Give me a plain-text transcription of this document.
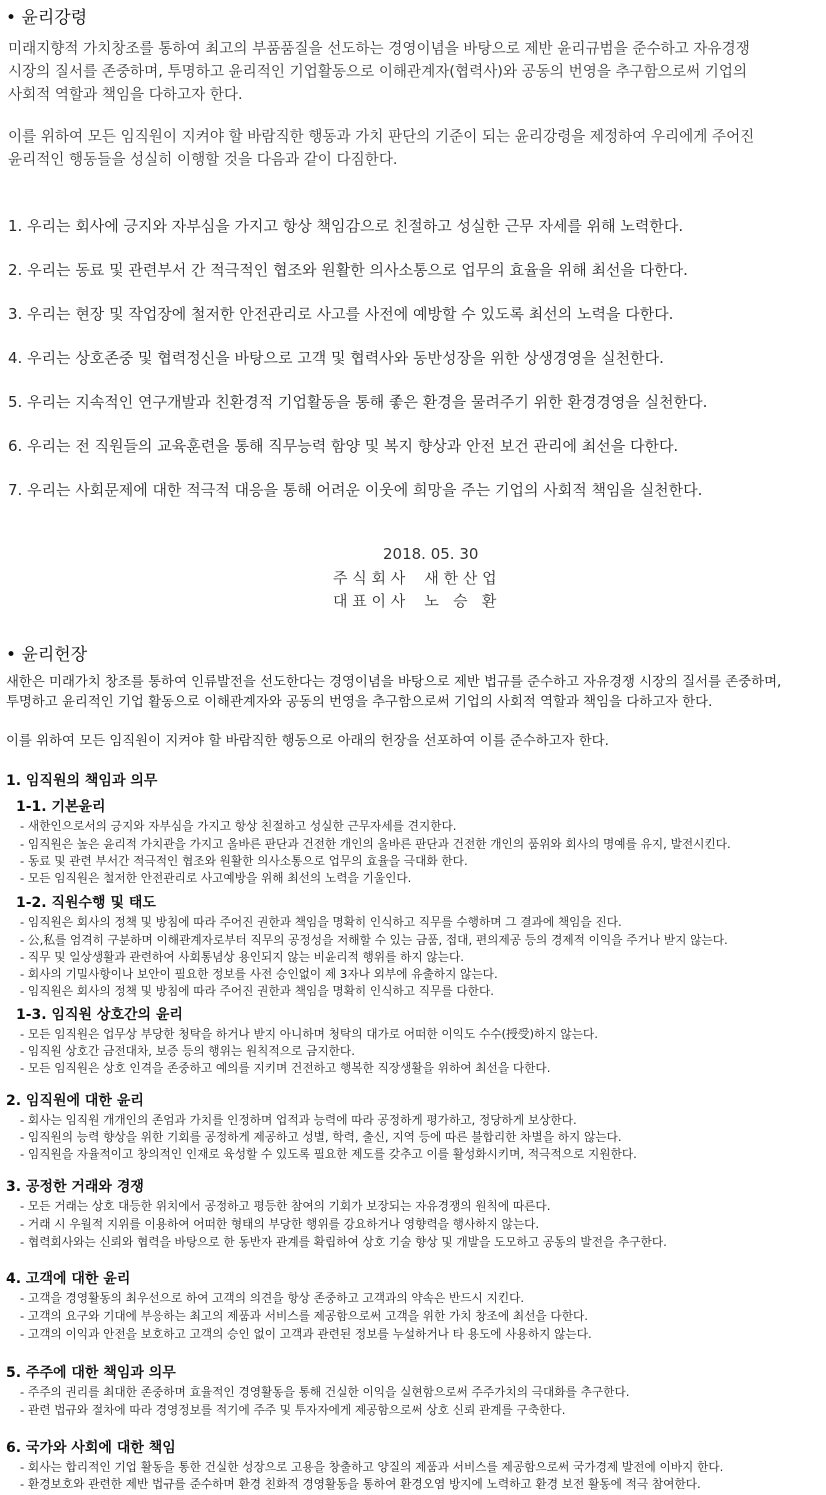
• 윤리강령
미래지향적 가치창조를 통하여 최고의 부품품질을 선도하는 경영이념을 바탕으로 제반 윤리규범을 준수하고 자유경쟁
시장의 질서를 존중하며, 투명하고 윤리적인 기업활동으로 이해관계자(협력사)와 공동의 번영을 추구함으로써 기업의
사회적 역할과 책임을 다하고자 한다.
이를 위하여 모든 임직원이 지켜야 할 바람직한 행동과 가치 판단의 기준이 되는 윤리강령을 제정하여 우리에게 주어진
윤리적인 행동들을 성실히 이행할 것을 다음과 같이 다짐한다.
1. 우리는 회사에 긍지와 자부심을 가지고 항상 책임감으로 친절하고 성실한 근무 자세를 위해 노력한다.
2. 우리는 동료 및 관련부서 간 적극적인 협조와 원활한 의사소통으로 업무의 효율을 위해 최선을 다한다.
3. 우리는 현장 및 작업장에 철저한 안전관리로 사고를 사전에 예방할 수 있도록 최선의 노력을 다한다.
4. 우리는 상호존중 및 협력정신을 바탕으로 고객 및 협력사와 동반성장을 위한 상생경영을 실천한다.
5. 우리는 지속적인 연구개발과 친환경적 기업활동을 통해 좋은 환경을 물려주기 위한 환경경영을 실천한다.
6. 우리는 전 직원들의 교육훈련을 통해 직무능력 함양 및 복지 향상과 안전 보건 관리에 최선을 다한다.
7. 우리는 사회문제에 대한 적극적 대응을 통해 어려운 이웃에 희망을 주는 기업의 사회적 책임을 실천한다.
2018. 05. 30
주 식 회 사    새 한 산 업
대 표 이 사    노   승   환
• 윤리헌장
새한은 미래가치 창조를 통하여 인류발전을 선도한다는 경영이념을 바탕으로 제반 법규를 준수하고 자유경쟁 시장의 질서를 존중하며,
투명하고 윤리적인 기업 활동으로 이해관계자와 공동의 번영을 추구함으로써 기업의 사회적 역할과 책임을 다하고자 한다.
이를 위하여 모든 임직원이 지켜야 할 바람직한 행동으로 아래의 헌장을 선포하여 이를 준수하고자 한다.
1. 임직원의 책임과 의무
1-1. 기본윤리
- 새한인으로서의 긍지와 자부심을 가지고 항상 친절하고 성실한 근무자세를 견지한다.
- 임직원은 높은 윤리적 가치관을 가지고 올바른 판단과 건전한 개인의 올바른 판단과 건전한 개인의 품위와 회사의 명예를 유지, 발전시킨다.
- 동료 및 관련 부서간 적극적인 협조와 원활한 의사소통으로 업무의 효율을 극대화 한다.
- 모든 임직원은 철저한 안전관리로 사고예방을 위해 최선의 노력을 기울인다.
1-2. 직원수행 및 태도
- 임직원은 회사의 정책 및 방침에 따라 주어진 권한과 책임을 명확히 인식하고 직무를 수행하며 그 결과에 책임을 진다.
- 公,私를 엄격히 구분하며 이해관계자로부터 직무의 공정성을 저해할 수 있는 금품, 접대, 편의제공 등의 경제적 이익을 주거나 받지 않는다.
- 직무 및 일상생활과 관련하여 사회통념상 용인되지 않는 비윤리적 행위를 하지 않는다.
- 회사의 기밀사항이나 보안이 필요한 정보를 사전 승인없이 제 3자나 외부에 유출하지 않는다.
- 임직원은 회사의 정책 및 방침에 따라 주어진 권한과 책임을 명확히 인식하고 직무를 다한다.
1-3. 임직원 상호간의 윤리
- 모든 임직원은 업무상 부당한 청탁을 하거나 받지 아니하며 청탁의 대가로 어떠한 이익도 수수(授受)하지 않는다.
- 임직원 상호간 금전대차, 보증 등의 행위는 원칙적으로 금지한다.
- 모든 임직원은 상호 인격을 존중하고 예의를 지키며 건전하고 행복한 직장생활을 위하여 최선을 다한다.
2. 임직원에 대한 윤리
- 회사는 임직원 개개인의 존엄과 가치를 인정하며 업적과 능력에 따라 공정하게 평가하고, 정당하게 보상한다.
- 임직원의 능력 향상을 위한 기회를 공정하게 제공하고 성별, 학력, 출신, 지역 등에 따른 불합리한 차별을 하지 않는다.
- 임직원을 자율적이고 창의적인 인재로 육성할 수 있도록 필요한 제도를 갖추고 이를 활성화시키며, 적극적으로 지원한다.
3. 공정한 거래와 경쟁
- 모든 거래는 상호 대등한 위치에서 공정하고 평등한 참여의 기회가 보장되는 자유경쟁의 원칙에 따른다.
- 거래 시 우월적 지위를 이용하여 어떠한 형태의 부당한 행위를 강요하거나 영향력을 행사하지 않는다.
- 협력회사와는 신뢰와 협력을 바탕으로 한 동반자 관계를 확립하여 상호 기술 향상 및 개발을 도모하고 공동의 발전을 추구한다.
4. 고객에 대한 윤리
- 고객을 경영활동의 최우선으로 하여 고객의 의견을 항상 존중하고 고객과의 약속은 반드시 지킨다.
- 고객의 요구와 기대에 부응하는 최고의 제품과 서비스를 제공함으로써 고객을 위한 가치 창조에 최선을 다한다.
- 고객의 이익과 안전을 보호하고 고객의 승인 없이 고객과 관련된 정보를 누설하거나 타 용도에 사용하지 않는다.
5. 주주에 대한 책임과 의무
- 주주의 권리를 최대한 존중하며 효율적인 경영활동을 통해 건실한 이익을 실현함으로써 주주가치의 극대화를 추구한다.
- 관련 법규와 절차에 따라 경영정보를 적기에 주주 및 투자자에게 제공함으로써 상호 신뢰 관계를 구축한다.
6. 국가와 사회에 대한 책임
- 회사는 합리적인 기업 활동을 통한 건실한 성장으로 고용을 창출하고 양질의 제품과 서비스를 제공함으로써 국가경제 발전에 이바지 한다.
- 환경보호와 관련한 제반 법규를 준수하며 환경 친화적 경영활동을 통하여 환경오염 방지에 노력하고 환경 보전 활동에 적극 참여한다.
